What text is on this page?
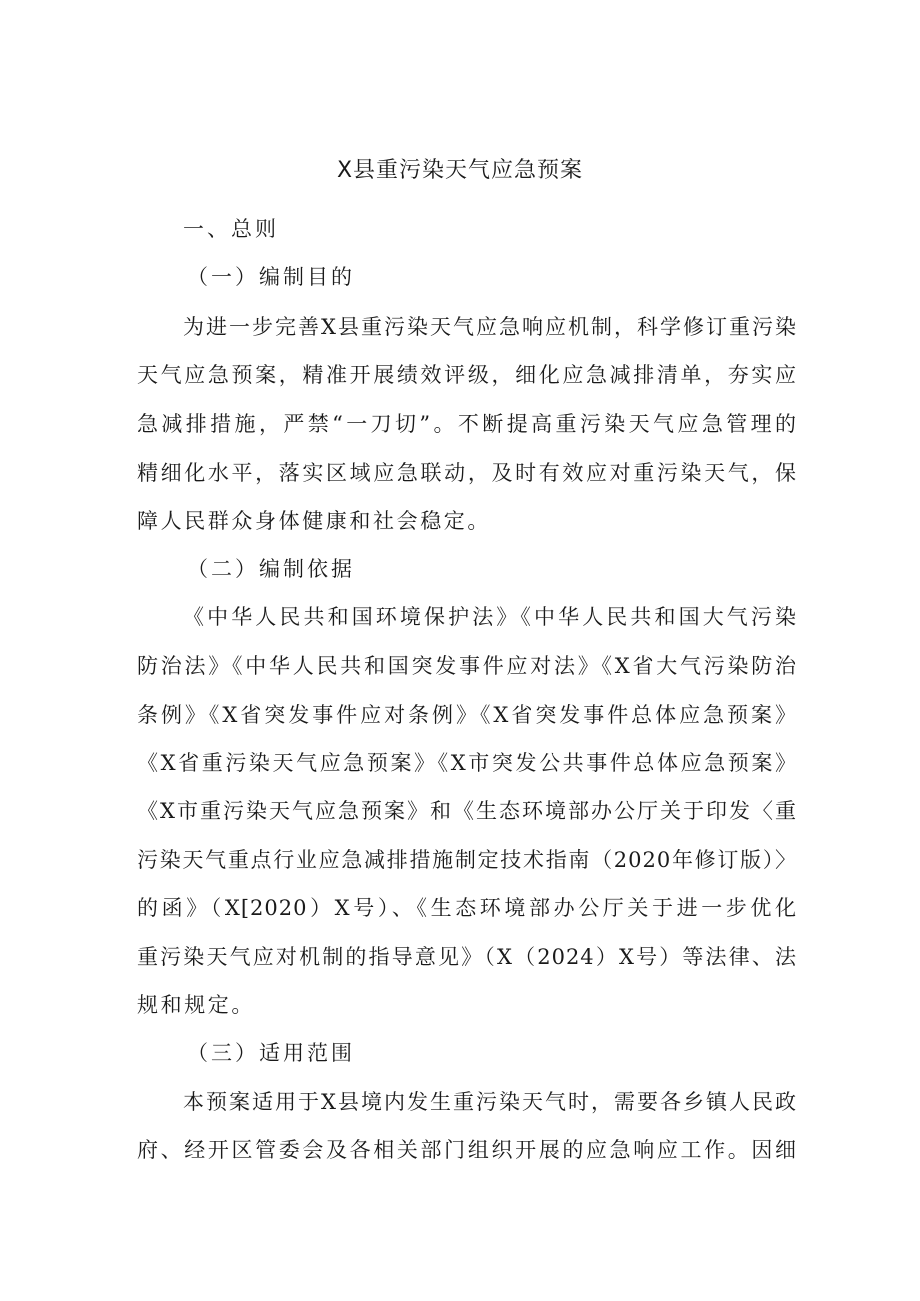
X县重污染天气应急预案

一、总则

（一）编制目的

为进一步完善X县重污染天气应急响应机制，科学修订重污染

天气应急预案，精准开展绩效评级，细化应急减排清单，夯实应

急减排措施，严禁“一刀切”。不断提高重污染天气应急管理的

精细化水平，落实区域应急联动，及时有效应对重污染天气，保

障人民群众身体健康和社会稳定。

（二）编制依据

《中华人民共和国环境保护法》《中华人民共和国大气污染

防治法》《中华人民共和国突发事件应对法》《X省大气污染防治

条例》《X省突发事件应对条例》《X省突发事件总体应急预案》

《X省重污染天气应急预案》《X市突发公共事件总体应急预案》

《X市重污染天气应急预案》和《生态环境部办公厅关于印发〈重

污染天气重点行业应急减排措施制定技术指南（2020年修订版）〉

的函》（X[2020）X号）、《生态环境部办公厅关于进一步优化

重污染天气应对机制的指导意见》（X（2024）X号）等法律、法

规和规定。

（三）适用范围

本预案适用于X县境内发生重污染天气时，需要各乡镇人民政

府、经开区管委会及各相关部门组织开展的应急响应工作。因细
